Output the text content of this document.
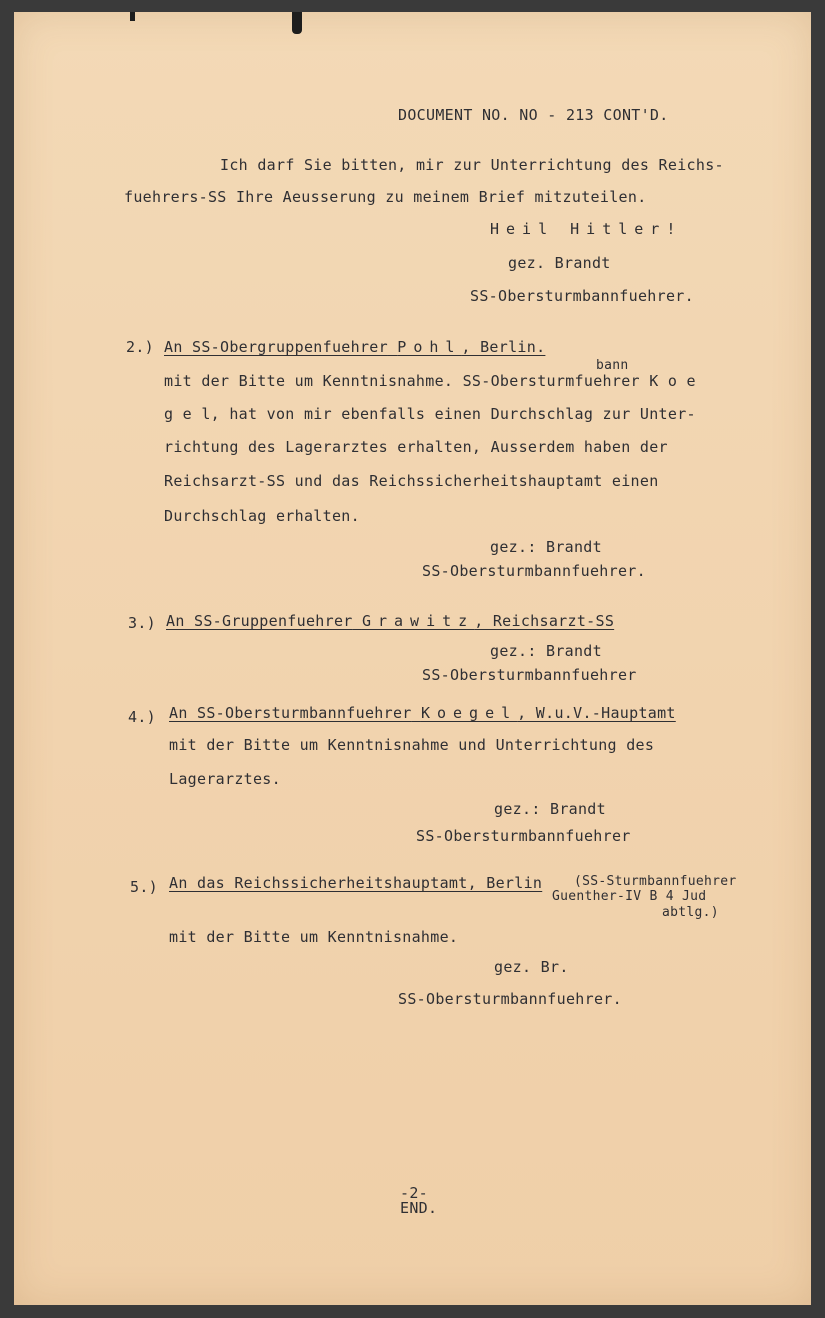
DOCUMENT NO. NO - 213 CONT'D.
Ich darf Sie bitten, mir zur Unterrichtung des Reichs-
fuehrers-SS Ihre Aeusserung zu meinem Brief mitzuteilen.
Heil Hitler!
gez. Brandt
SS-Obersturmbannfuehrer.
2.) An SS-Obergruppenfuehrer Pohl, Berlin.
bann
mit der Bitte um Kenntnisnahme. SS-Obersturmfuehrer K o e
g e l, hat von mir ebenfalls einen Durchschlag zur Unter-
richtung des Lagerarztes erhalten, Ausserdem haben der
Reichsarzt-SS und das Reichssicherheitshauptamt einen
Durchschlag erhalten.
gez.: Brandt
SS-Obersturmbannfuehrer.
3.) An SS-Gruppenfuehrer Grawitz, Reichsarzt-SS
gez.: Brandt
SS-Obersturmbannfuehrer
4.) An SS-Obersturmbannfuehrer Koegel, W.u.V.-Hauptamt
mit der Bitte um Kenntnisnahme und Unterrichtung des
Lagerarztes.
gez.: Brandt
SS-Obersturmbannfuehrer
5.) An das Reichssicherheitshauptamt, Berlin (SS-Sturmbannfuehrer
Guenther-IV B 4 Jud
abtlg.)
mit der Bitte um Kenntnisnahme.
gez. Br.
SS-Obersturmbannfuehrer.
-2-
END.
